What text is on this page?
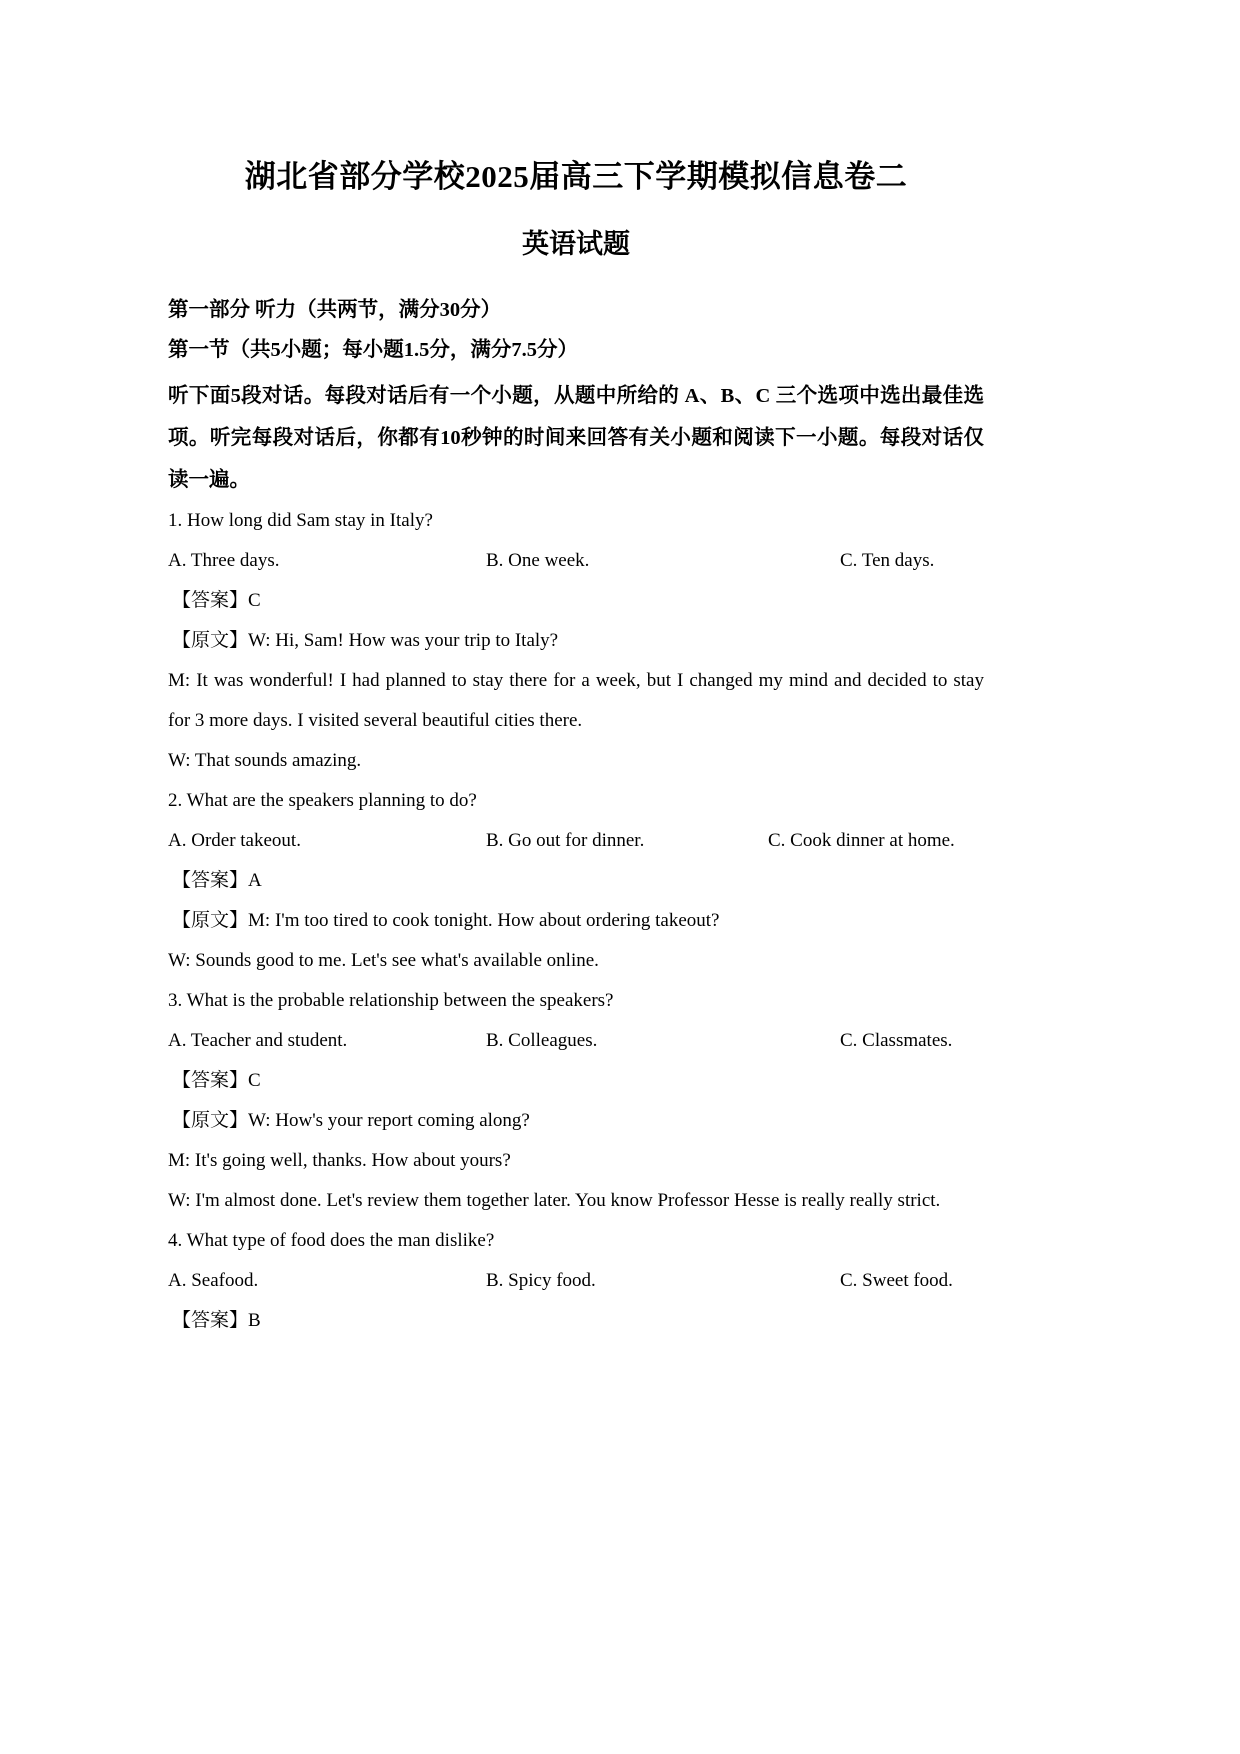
湖北省部分学校2025届高三下学期模拟信息卷二
英语试题

第一部分 听力（共两节，满分30分）

第一节（共5小题；每小题1.5分，满分7.5分）

听下面5段对话。每段对话后有一个小题，从题中所给的 A、B、C 三个选项中选出最佳选项。听完每段对话后，你都有10秒钟的时间来回答有关小题和阅读下一小题。每段对话仅读一遍。

1. How long did Sam stay in Italy?

A. Three days.	B. One week.	C. Ten days.

【答案】C

【原文】W: Hi, Sam! How was your trip to Italy?

M: It was wonderful! I had planned to stay there for a week, but I changed my mind and decided to stay for 3 more days. I visited several beautiful cities there.

W: That sounds amazing.

2. What are the speakers planning to do?

A. Order takeout.	B. Go out for dinner.	C. Cook dinner at home.

【答案】A

【原文】M: I'm too tired to cook tonight. How about ordering takeout?

W: Sounds good to me. Let's see what's available online.

3. What is the probable relationship between the speakers?

A. Teacher and student.	B. Colleagues.	C. Classmates.

【答案】C

【原文】W: How's your report coming along?

M: It's going well, thanks. How about yours?

W: I'm almost done. Let's review them together later. You know Professor Hesse is really really strict.

4. What type of food does the man dislike?

A. Seafood.	B. Spicy food.	C. Sweet food.

【答案】B
